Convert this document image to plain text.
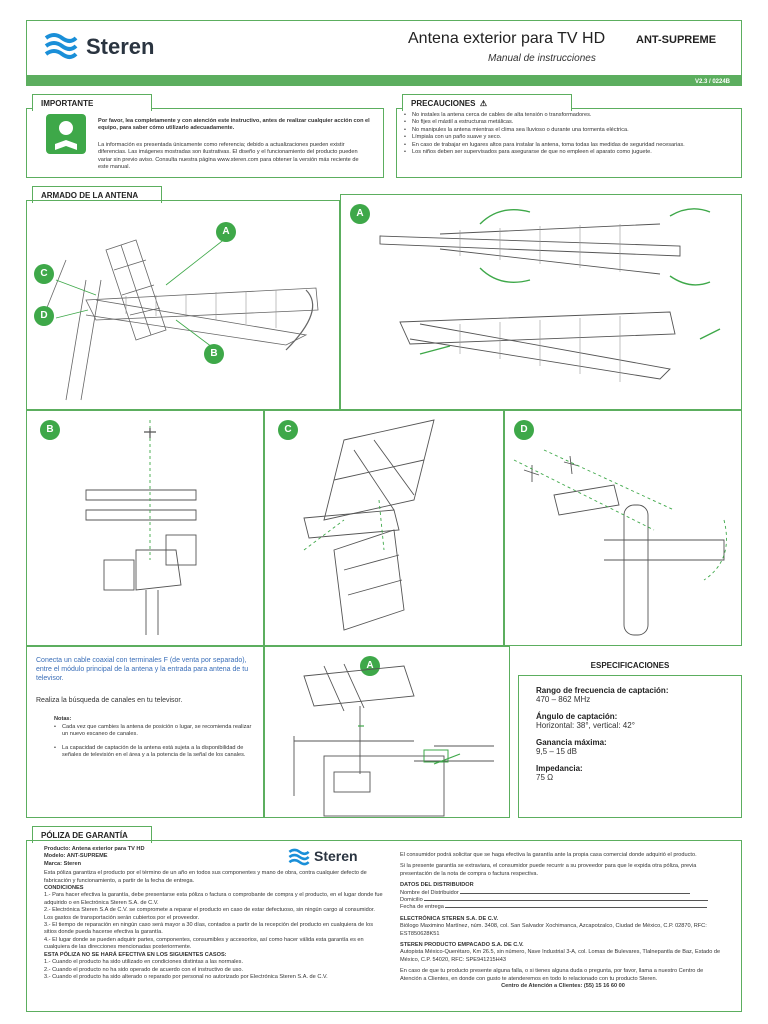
Steren	Antena exterior para TV HD	ANT-SUPREME
Manual de instrucciones
V2.3 / 0224B
IMPORTANTE
Por favor, lea completamente y con atención este instructivo, antes de realizar cualquier acción con el equipo, para saber cómo utilizarlo adecuadamente.
La información es presentada únicamente como referencia; debido a actualizaciones pueden existir diferencias. Las imágenes mostradas son ilustrativas. El diseño y el funcionamiento del producto pueden variar sin previo aviso. Consulta nuestra página www.steren.com para obtener la versión más reciente de este manual.
PRECAUCIONES  ⚠
• No instales la antena cerca de cables de alta tensión o transformadores.
• No fijes el mástil a estructuras metálicas.
• No manipules la antena mientras el clima sea lluvioso o durante una tormenta eléctrica.
• Límpiala con un paño suave y seco.
• En caso de trabajar en lugares altos para instalar la antena, toma todas las medidas de seguridad necesarias.
• Los niños deben ser supervisados para asegurarse de que no empleen el aparato como juguete.
ARMADO DE LA ANTENA
A
B
C
D
A
B	C	D
Conecta un cable coaxial con terminales F (de venta por separado), entre el módulo principal de la antena y la entrada para antena de tu televisor.
Realiza la búsqueda de canales en tu televisor.
Notas:
• Cada vez que cambies la antena de posición o lugar, se recomienda realizar un nuevo escaneo de canales.
• La capacidad de captación de la antena está sujeta a la disponibilidad de señales de televisión en el área y a la potencia de la señal de los canales.
A	ESPECIFICACIONES
Rango de frecuencia de captación:
470 – 862 MHz
Ángulo de captación:
Horizontal: 38°, vertical: 42°
Ganancia máxima:
9,5 – 15 dB
Impedancia:
75 Ω
PÓLIZA DE GARANTÍA
Producto: Antena exterior para TV HD
Modelo: ANT-SUPREME
Marca: Steren
Esta póliza garantiza el producto por el término de un año en todos sus componentes y mano de obra, contra cualquier defecto de fabricación y funcionamiento, a partir de la fecha de entrega.
CONDICIONES
1.- Para hacer efectiva la garantía, debe presentarse esta póliza o factura o comprobante de compra y el producto, en el lugar donde fue adquirido o en Electrónica Steren S.A. de C.V.
2.- Electrónica Steren S.A de C.V. se compromete a reparar el producto en caso de estar defectuoso, sin ningún cargo al consumidor. Los gastos de transportación serán cubiertos por el proveedor.
3.- El tiempo de reparación en ningún caso será mayor a 30 días, contados a partir de la recepción del producto en cualquiera de los sitios donde pueda hacerse efectiva la garantía.
4.- El lugar donde se pueden adquirir partes, componentes, consumibles y accesorios, así como hacer válida esta garantía es en cualquiera de las direcciones mencionadas posteriormente.
ESTA PÓLIZA NO SE HARÁ EFECTIVA EN LOS SIGUIENTES CASOS:
1.- Cuando el producto ha sido utilizado en condiciones distintas a las normales.
2.- Cuando el producto no ha sido operado de acuerdo con el instructivo de uso.
3.- Cuando el producto ha sido alterado o reparado por personal no autorizado por Electrónica Steren S.A. de C.V.
Steren	El consumidor podrá solicitar que se haga efectiva la garantía ante la propia casa comercial donde adquirió el producto.
Si la presente garantía se extraviara, el consumidor puede recurrir a su proveedor para que le expida otra póliza, previa presentación de la nota de compra o factura respectiva.
DATOS DEL DISTRIBUIDOR
Nombre del Distribuidor
Domicilio
Fecha de entrega
ELECTRÓNICA STEREN S.A. DE C.V.
Biólogo Maximino Martínez, núm. 3408, col. San Salvador Xochimanca, Azcapotzalco, Ciudad de México, C.P. 02870, RFC: EST850628K51
STEREN PRODUCTO EMPACADO S.A. DE C.V.
Autopista México-Querétaro, Km 26.5, sin número, Nave Industrial 3-A, col. Lomas de Bulevares, Tlalnepantla de Baz, Estado de México, C.P. 54020, RFC: SPE941215H43
En caso de que tu producto presente alguna falla, o si tienes alguna duda o pregunta, por favor, llama a nuestro Centro de Atención a Clientes, en donde con gusto te atenderemos en todo lo relacionado con tu producto Steren.
Centro de Atención a Clientes: (55) 15 16 60 00
